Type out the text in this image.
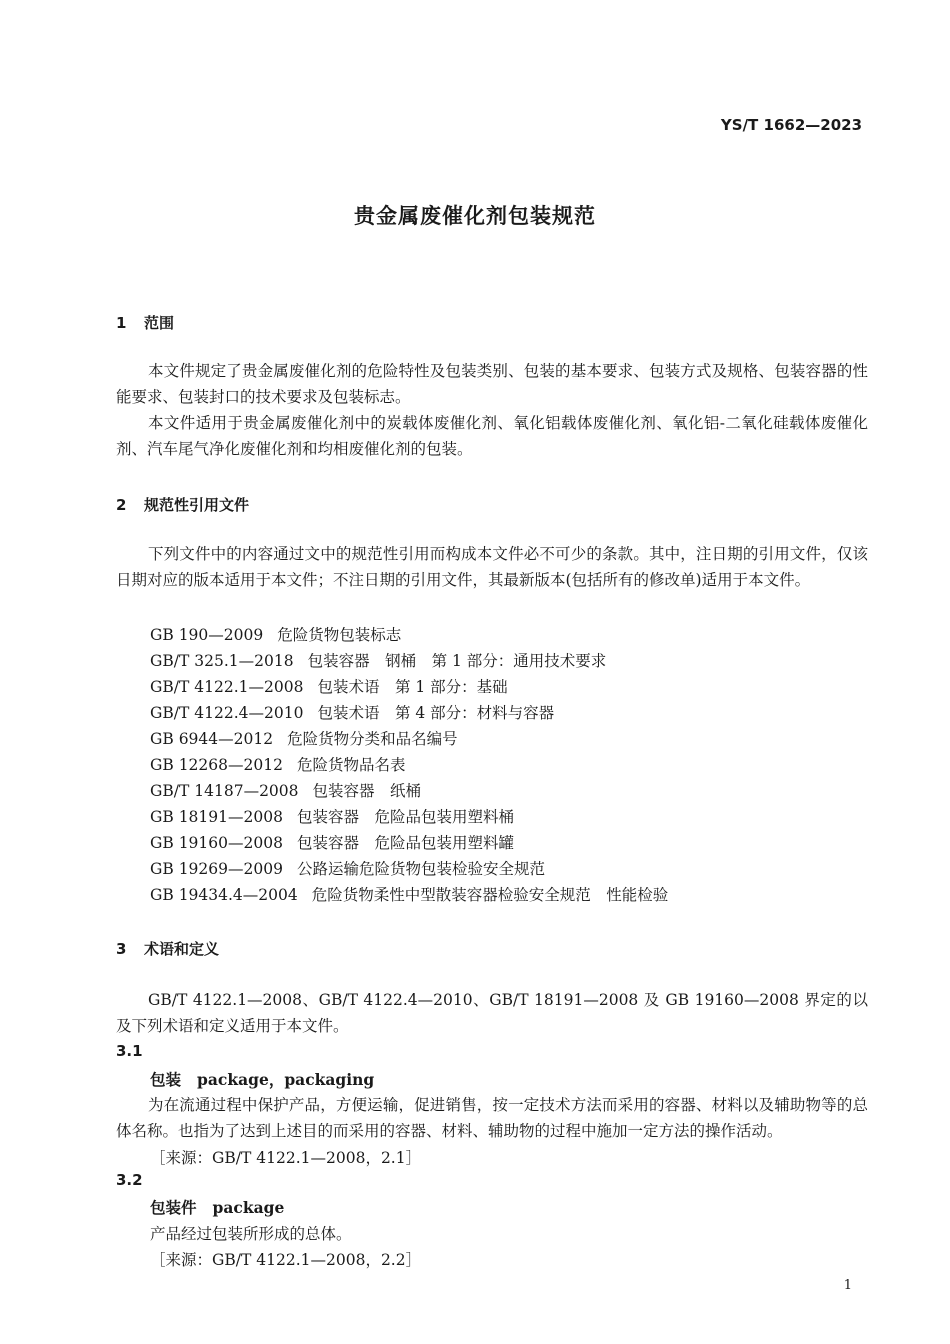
YS/T 1662—2023
贵金属废催化剂包装规范
1 范围
本文件规定了贵金属废催化剂的危险特性及包装类别、包装的基本要求、包装方式及规格、包装容器的性能要求、包装封口的技术要求及包装标志。
本文件适用于贵金属废催化剂中的炭载体废催化剂、氧化铝载体废催化剂、氧化铝-二氧化硅载体废催化剂、汽车尾气净化废催化剂和均相废催化剂的包装。
2 规范性引用文件
下列文件中的内容通过文中的规范性引用而构成本文件必不可少的条款。其中，注日期的引用文件，仅该日期对应的版本适用于本文件；不注日期的引用文件，其最新版本(包括所有的修改单)适用于本文件。
GB 190—2009 危险货物包装标志
GB/T 325.1—2018 包装容器　钢桶　第 1 部分：通用技术要求
GB/T 4122.1—2008 包装术语　第 1 部分：基础
GB/T 4122.4—2010 包装术语　第 4 部分：材料与容器
GB 6944—2012 危险货物分类和品名编号
GB 12268—2012 危险货物品名表
GB/T 14187—2008 包装容器　纸桶
GB 18191—2008 包装容器　危险品包装用塑料桶
GB 19160—2008 包装容器　危险品包装用塑料罐
GB 19269—2009 公路运输危险货物包装检验安全规范
GB 19434.4—2004 危险货物柔性中型散装容器检验安全规范　性能检验
3 术语和定义
GB/T 4122.1—2008、GB/T 4122.4—2010、GB/T 18191—2008 及 GB 19160—2008 界定的以及下列术语和定义适用于本文件。
3.1
包装 package，packaging
为在流通过程中保护产品，方便运输，促进销售，按一定技术方法而采用的容器、材料以及辅助物等的总体名称。也指为了达到上述目的而采用的容器、材料、辅助物的过程中施加一定方法的操作活动。
［来源：GB/T 4122.1—2008，2.1］
3.2
包装件 package
产品经过包装所形成的总体。
［来源：GB/T 4122.1—2008，2.2］
1
